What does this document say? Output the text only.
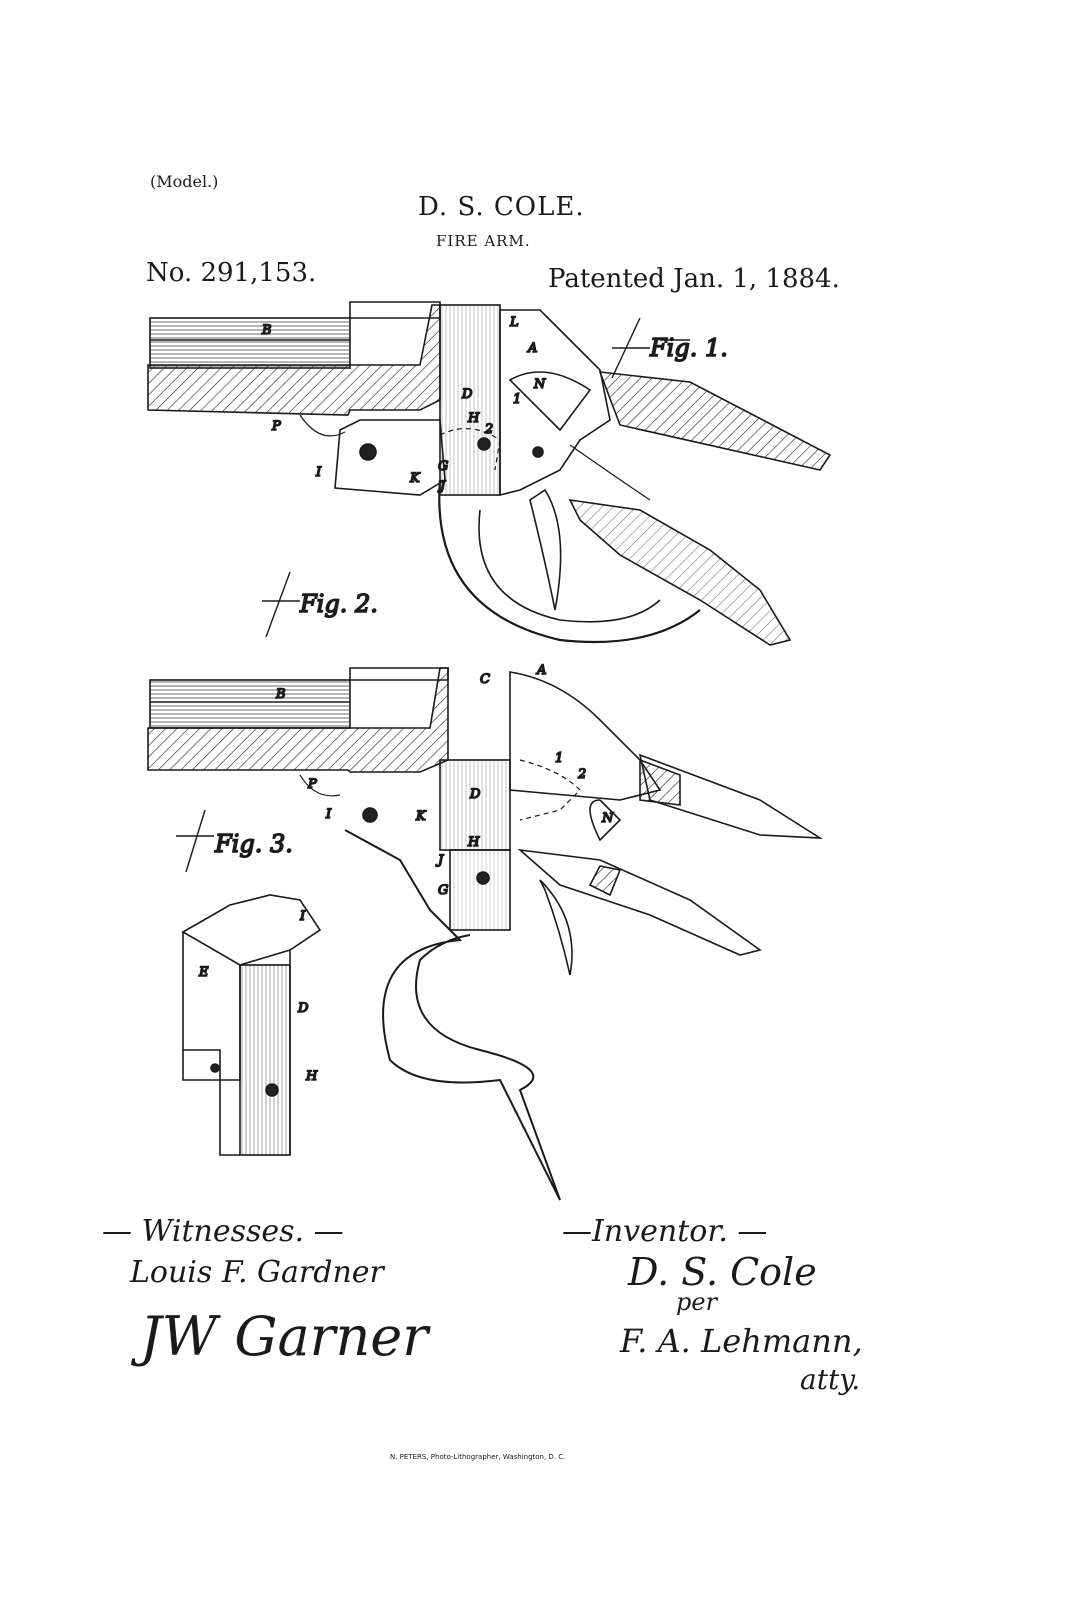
(Model.)
D. S. COLE.
FIRE ARM.
No. 291,153.	Patented Jan. 1, 1884.
B
L
A
N
D
H
1
2
P
I	K
G
J
Fig. 1.
Fig. 2.
B
C
A
P
I	K
D
H
J
G
1
2
N
Fig. 3.
I
E
D
H
— Witnesses. —
Louis F. Gardner
JW Garner
—Inventor. —
D. S. Cole
per
F. A. Lehmann,
atty.
N. PETERS, Photo-Lithographer, Washington, D. C.
